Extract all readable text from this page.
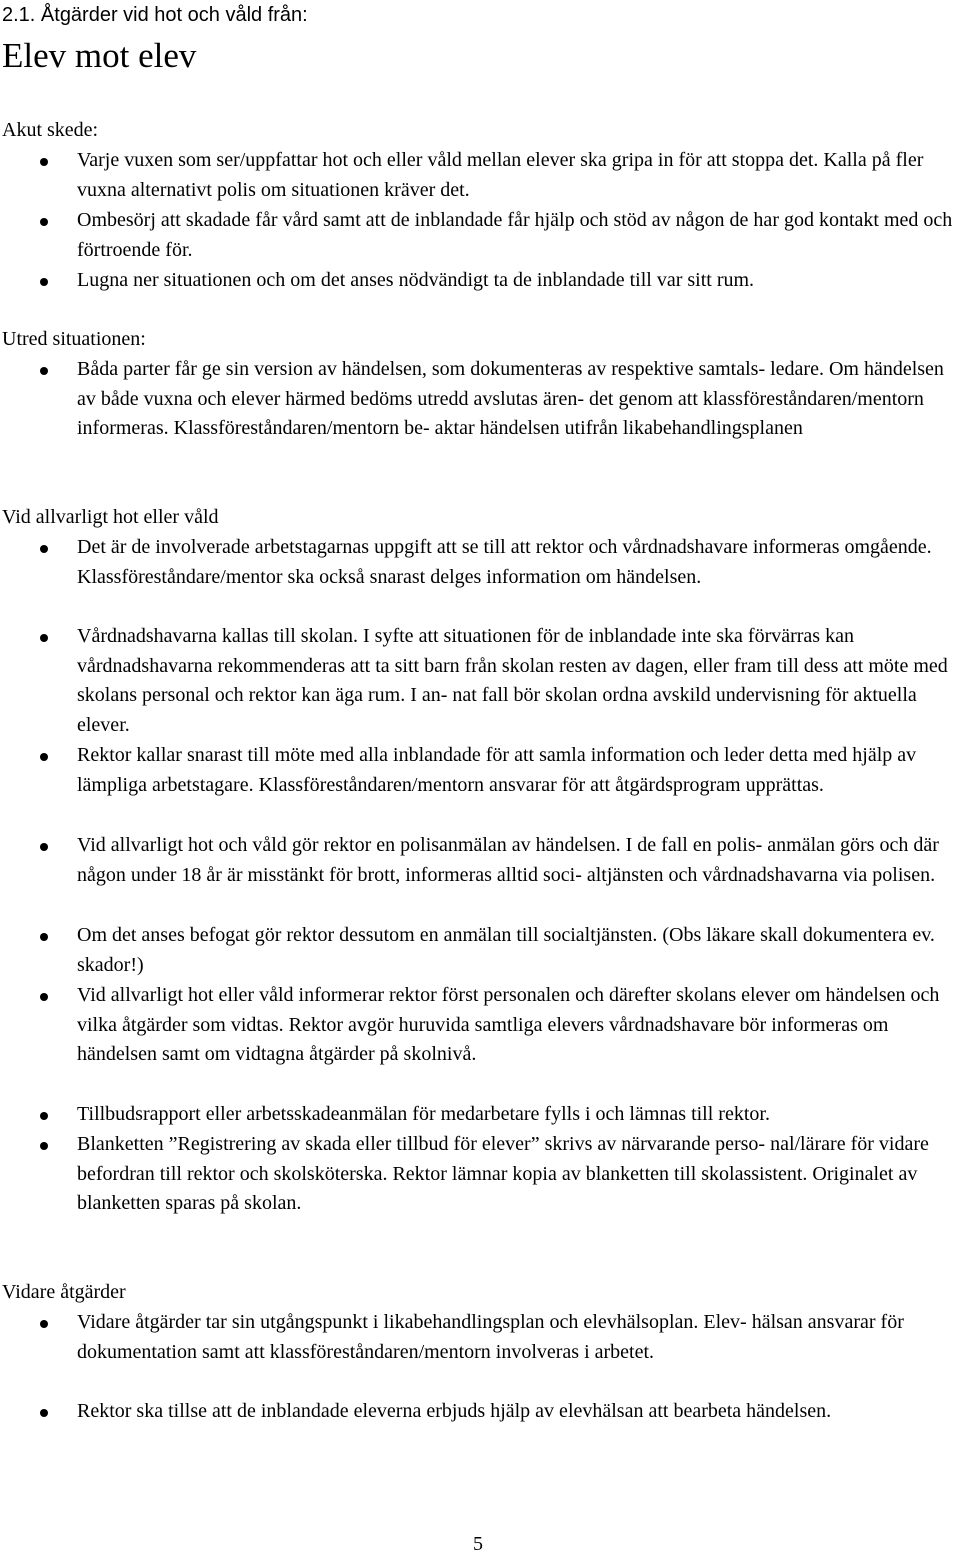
2.1. Åtgärder vid hot och våld från:
Elev mot elev
Akut skede:
Varje vuxen som ser/uppfattar hot och eller våld mellan elever ska gripa in för att stoppa det. Kalla på fler vuxna alternativt polis om situationen kräver det.
Ombesörj att skadade får vård samt att de inblandade får hjälp och stöd av någon de har god kontakt med och förtroende för.
Lugna ner situationen och om det anses nödvändigt ta de inblandade till var sitt rum.
Utred situationen:
Båda parter får ge sin version av händelsen, som dokumenteras av respektive samtals- ledare. Om händelsen av både vuxna och elever härmed bedöms utredd avslutas ären- det genom att klassföreståndaren/mentorn informeras. Klassföreståndaren/mentorn be- aktar händelsen utifrån likabehandlingsplanen
Vid allvarligt hot eller våld
Det är de involverade arbetstagarnas uppgift att se till att rektor och vårdnadshavare informeras omgående. Klassföreståndare/mentor ska också snarast delges information om händelsen.
Vårdnadshavarna kallas till skolan. I syfte att situationen för de inblandade inte ska förvärras kan vårdnadshavarna rekommenderas att ta sitt barn från skolan resten av dagen, eller fram till dess att möte med skolans personal och rektor kan äga rum. I an- nat fall bör skolan ordna avskild undervisning för aktuella elever.
Rektor kallar snarast till möte med alla inblandade för att samla information och leder detta med hjälp av lämpliga arbetstagare. Klassföreståndaren/mentorn ansvarar för att åtgärdsprogram upprättas.
Vid allvarligt hot och våld gör rektor en polisanmälan av händelsen. I de fall en polis- anmälan görs och där någon under 18 år är misstänkt för brott, informeras alltid soci- altjänsten och vårdnadshavarna via polisen.
Om det anses befogat gör rektor dessutom en anmälan till socialtjänsten. (Obs läkare skall dokumentera ev. skador!)
Vid allvarligt hot eller våld informerar rektor först personalen och därefter skolans elever om händelsen och vilka åtgärder som vidtas. Rektor avgör huruvida samtliga elevers vårdnadshavare bör informeras om händelsen samt om vidtagna åtgärder på skolnivå.
Tillbudsrapport eller arbetsskadeanmälan för medarbetare fylls i och lämnas till rektor.
Blanketten ”Registrering av skada eller tillbud för elever” skrivs av närvarande perso- nal/lärare för vidare befordran till rektor och skolsköterska. Rektor lämnar kopia av blanketten till skolassistent. Originalet av blanketten sparas på skolan.
Vidare åtgärder
Vidare åtgärder tar sin utgångspunkt i likabehandlingsplan och elevhälsoplan. Elev- hälsan ansvarar för dokumentation samt att klassföreståndaren/mentorn involveras i arbetet.
Rektor ska tillse att de inblandade eleverna erbjuds hjälp av elevhälsan att bearbeta händelsen.
5
